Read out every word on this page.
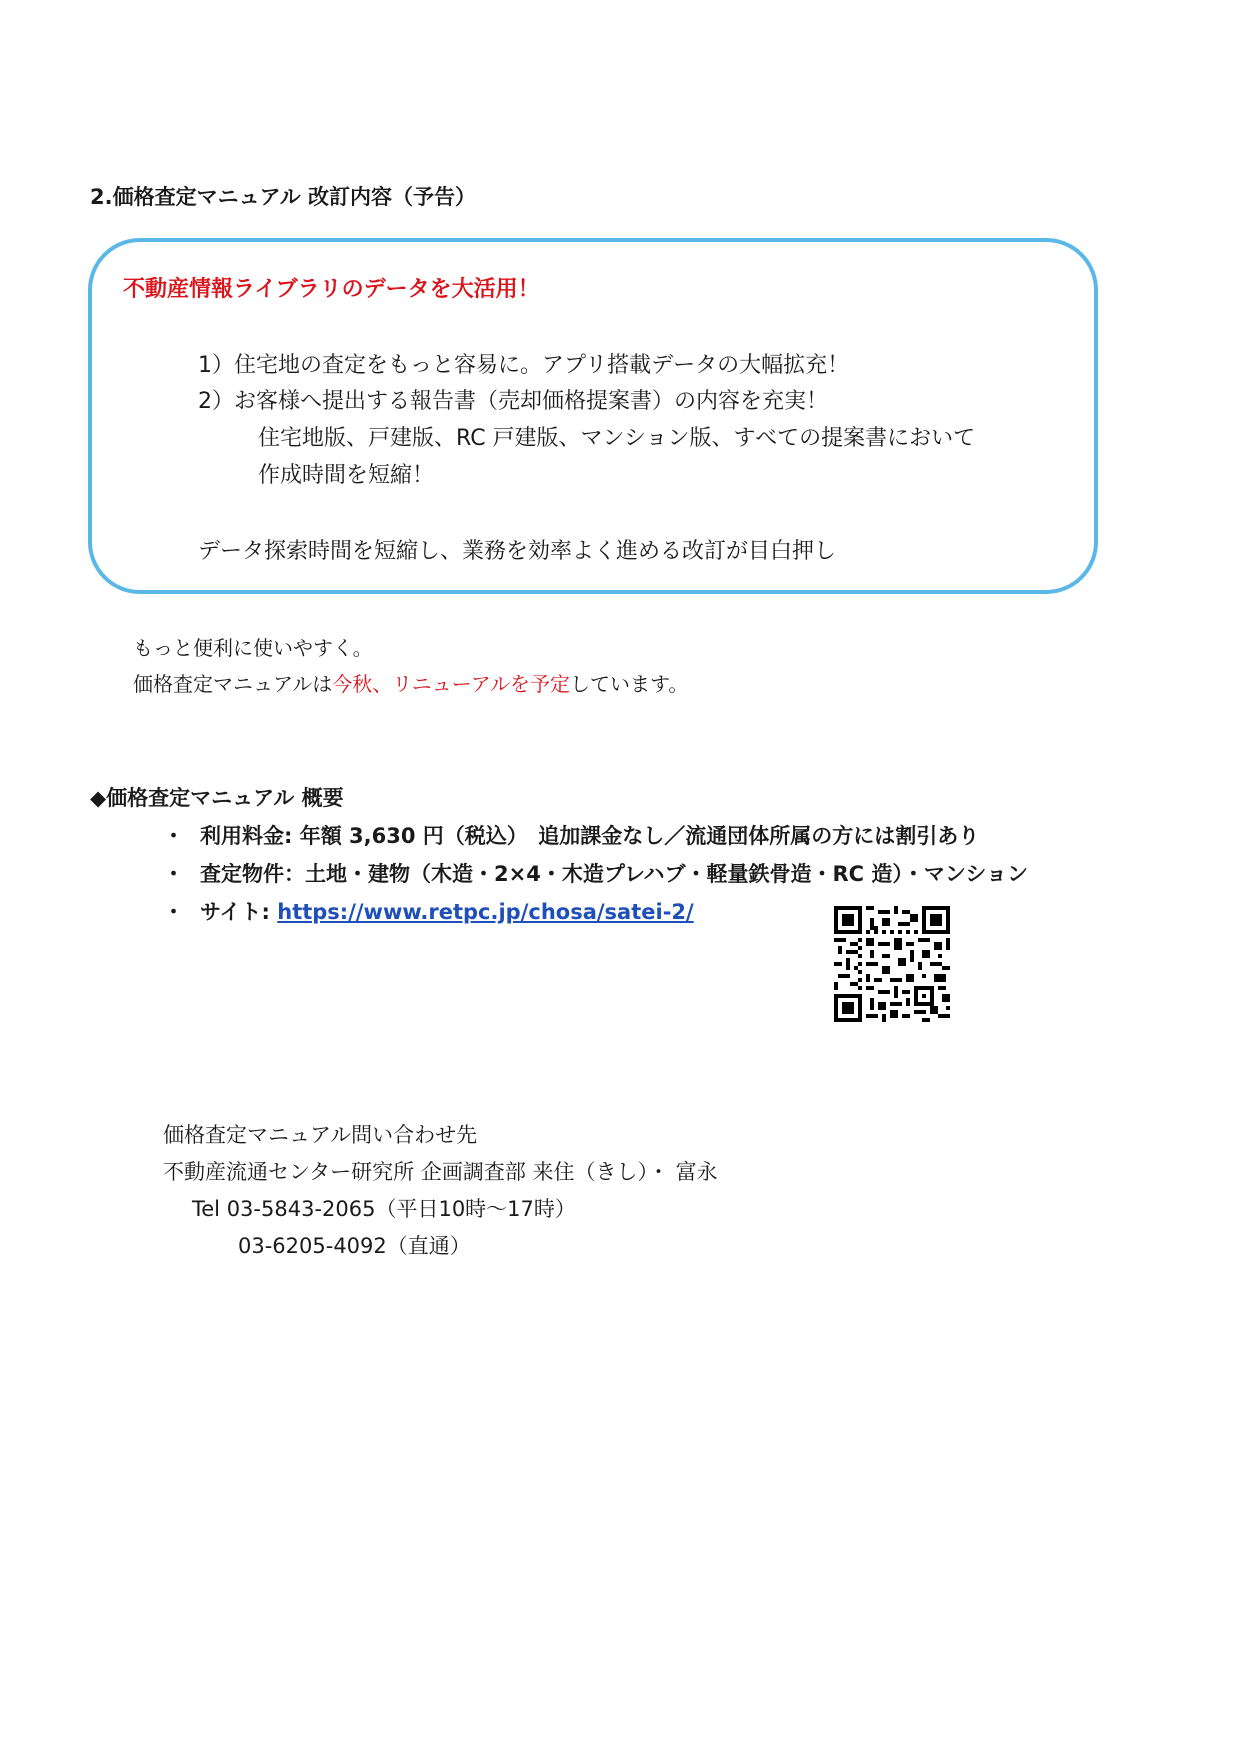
2.価格査定マニュアル 改訂内容（予告）
不動産情報ライブラリのデータを大活用！
1）住宅地の査定をもっと容易に。アプリ搭載データの大幅拡充！
2）お客様へ提出する報告書（売却価格提案書）の内容を充実！
住宅地版、戸建版、RC 戸建版、マンション版、すべての提案書において
作成時間を短縮！
データ探索時間を短縮し、業務を効率よく進める改訂が目白押し
もっと便利に使いやすく。
価格査定マニュアルは今秋、リニューアルを予定しています。
◆価格査定マニュアル 概要
・ 利用料金: 年額 3,630 円（税込）　追加課金なし／流通団体所属の方には割引あり
・ 査定物件：土地・建物（木造・2×4・木造プレハブ・軽量鉄骨造・RC 造）・マンション
・ サイト: https://www.retpc.jp/chosa/satei-2/
価格査定マニュアル問い合わせ先
不動産流通センター研究所 企画調査部 来住（きし）・ 富永
Tel 03-5843-2065（平日10時～17時）
03-6205-4092（直通）
